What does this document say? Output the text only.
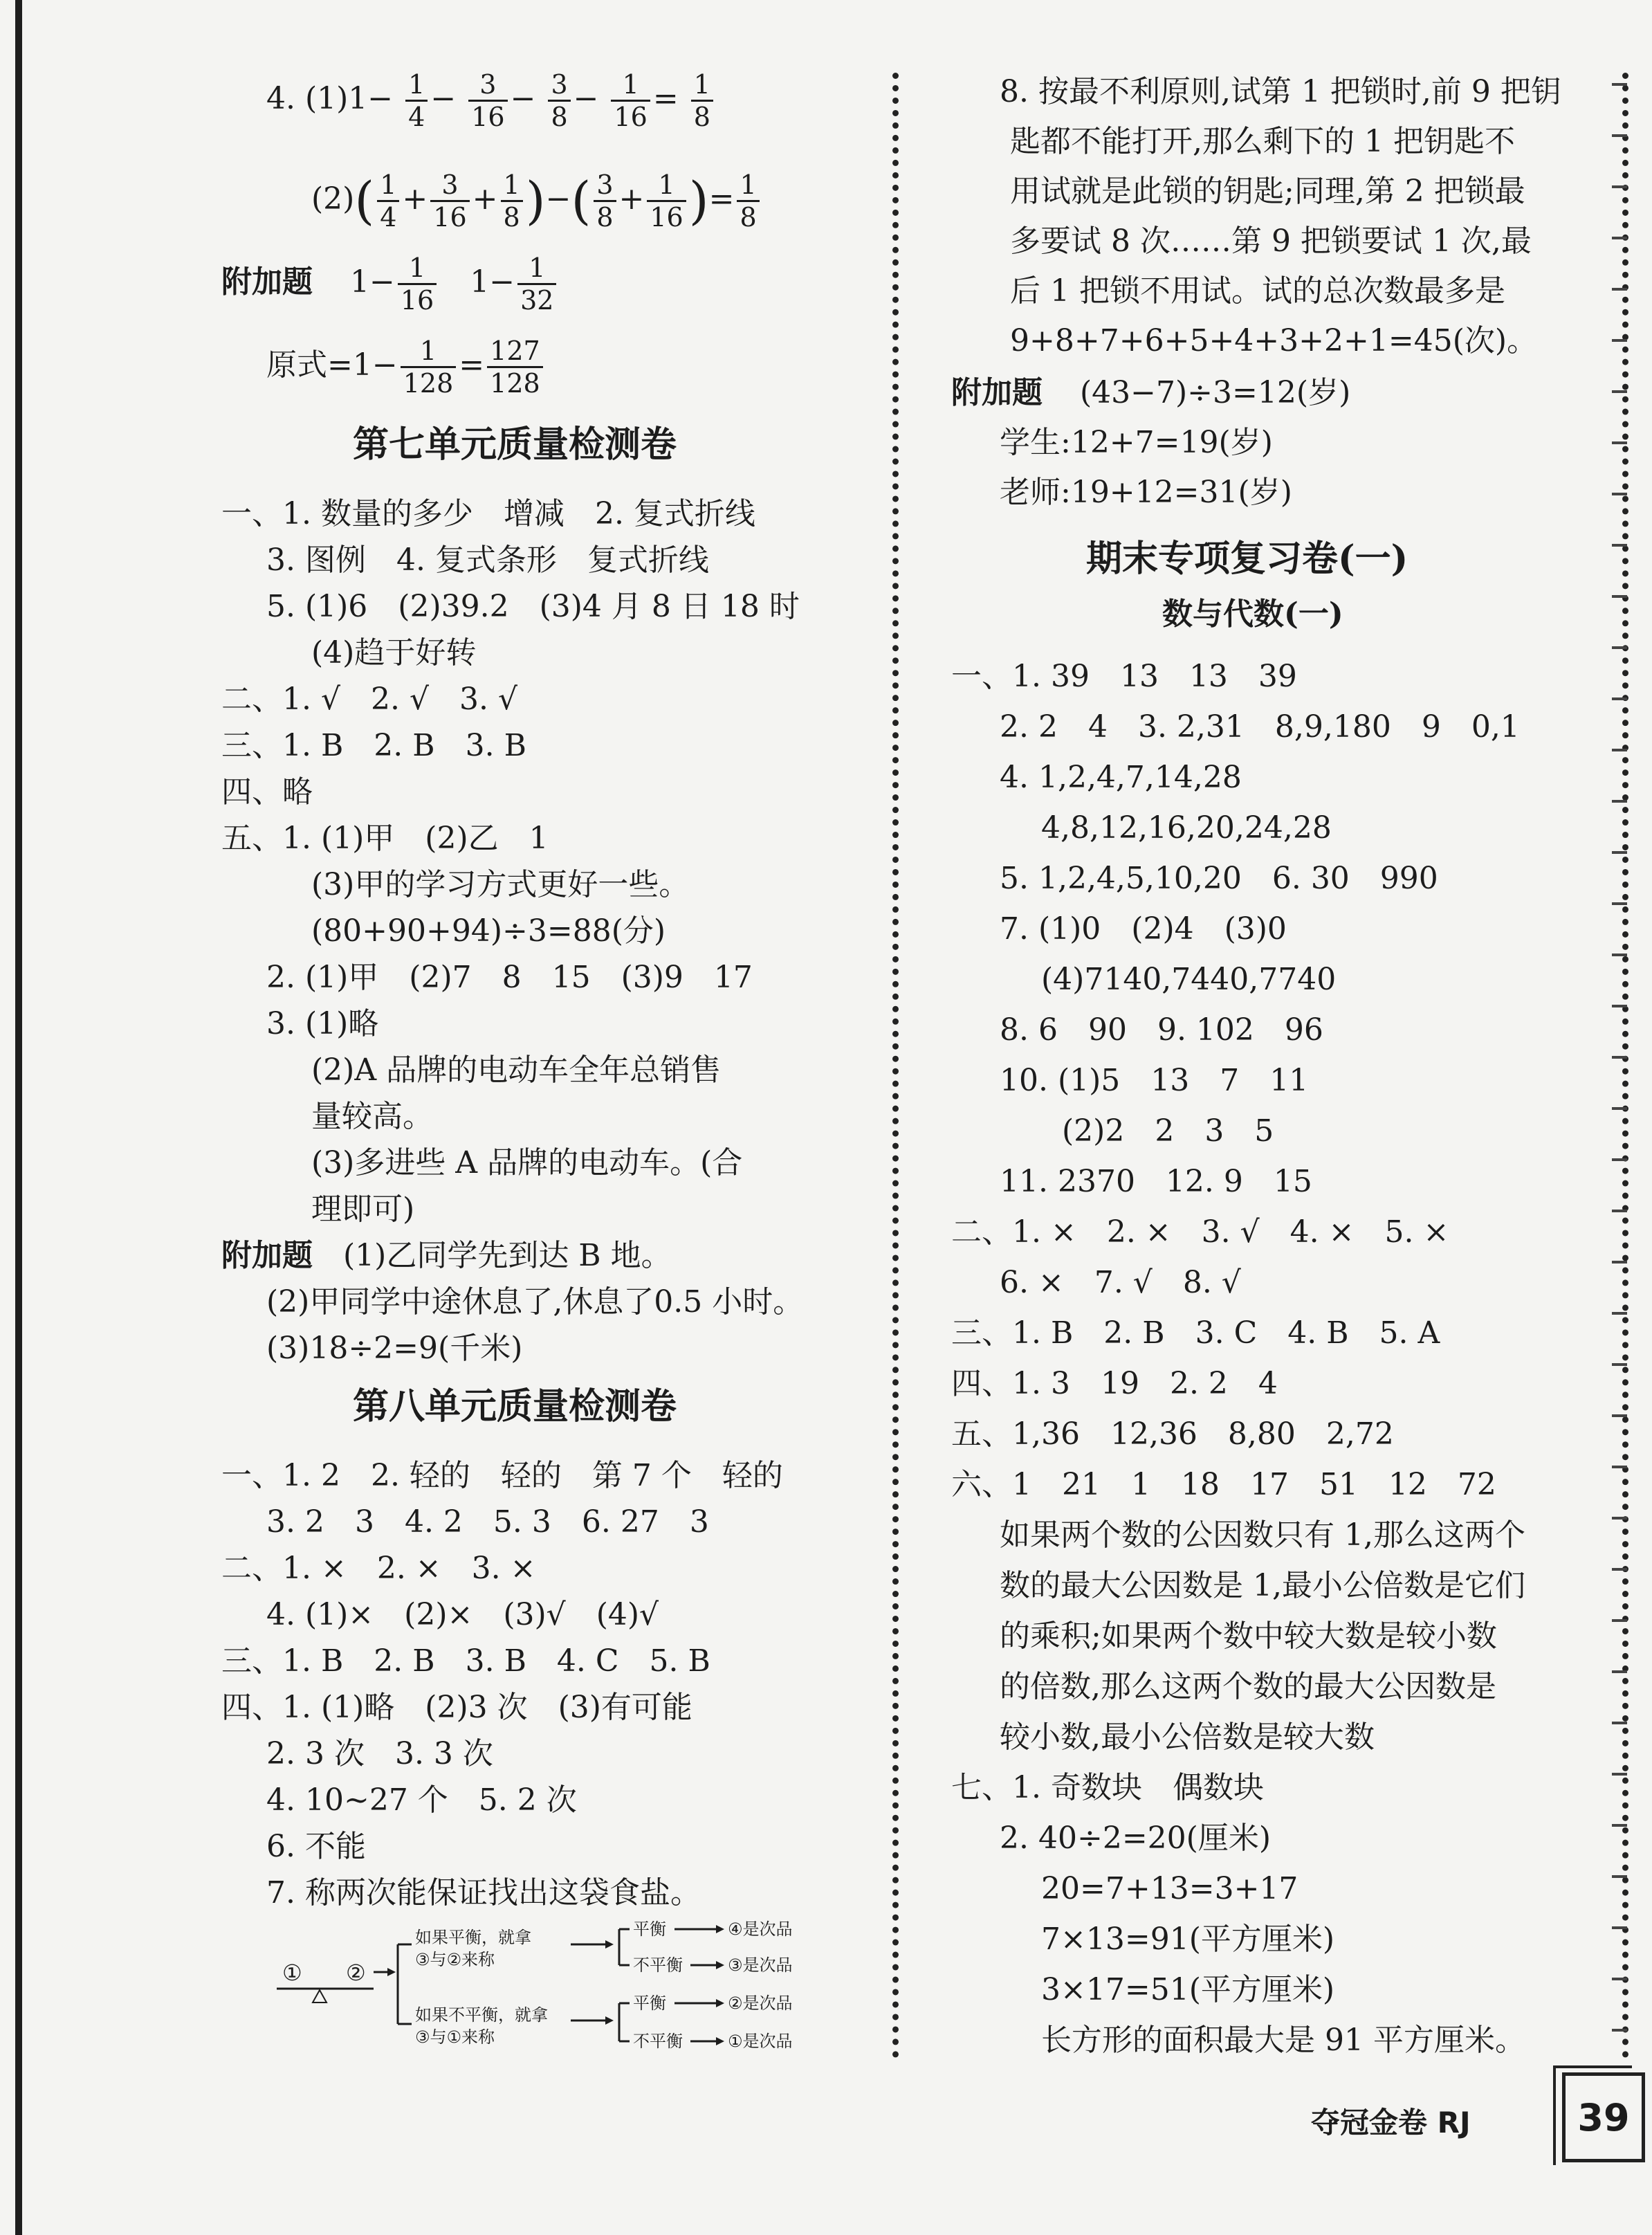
4. $(1)1- \frac{1}{4} - \frac{3}{16} - \frac{3}{8} - \frac{1}{16} = \frac{1}{8}$
$(2)( \frac{1}{4} + \frac{3}{16} + \frac{1}{8}$ )−( $\frac{3}{8} + \frac{1}{16}$ )= $\frac{1}{8}$
附加题 $1- \frac{1}{16} 1- \frac{1}{32}$
原式$=1- \frac{1}{128} = \frac{127}{128}$
第七单元质量检测卷
一、1. 数量的多少　增减　2. 复式折线
3. 图例　4. 复式条形　复式折线
5. (1)6　(2)39.2　(3)4 月 8 日 18 时
(4)趋于好转
二、1. √　2. √　3. √
三、1. B　2. B　3. B
四、略
五、1. (1)甲　(2)乙　1
(3)甲的学习方式更好一些。
(80+90+94)÷3=88(分)
2. (1)甲　(2)7　8　15　(3)9　17
3. (1)略
(2)A 品牌的电动车全年总销售
量较高。
(3)多进些 A 品牌的电动车。(合
理即可)
附加题 (1)乙同学先到达 B 地。
(2)甲同学中途休息了,休息了0.5 小时。
(3)18÷2=9(千米)
第八单元质量检测卷
一、1. 2　2. 轻的　轻的　第 7 个　轻的
3. 2　3　4. 2　5. 3　6. 27　3
二、1. ×　2. ×　3. ×
4. (1)×　(2)×　(3)√　(4)√
三、1. B　2. B　3. B　4. C　5. B
四、1. (1)略　(2)3 次　(3)有可能
2. 3 次　3. 3 次
4. 10~27 个　5. 2 次
6. 不能
7. 称两次能保证找出这袋食盐。
① ②
如果平衡，就拿
③与②来称
平衡	④是次品
不平衡	③是次品
如果不平衡，就拿
③与①来称
平衡	②是次品
不平衡	①是次品
8. 按最不利原则,试第 1 把锁时,前 9 把钥
匙都不能打开,那么剩下的 1 把钥匙不
用试就是此锁的钥匙;同理,第 2 把锁最
多要试 8 次……第 9 把锁要试 1 次,最
后 1 把锁不用试。试的总次数最多是
9+8+7+6+5+4+3+2+1=45(次)。
附加题 (43−7)÷3=12(岁)
学生:12+7=19(岁)
老师:19+12=31(岁)
期末专项复习卷(一)
数与代数(一)
一、1. 39　13　13　39
2. 2　4　3. 2,31　8,9,180　9　0,1
4. 1,2,4,7,14,28
4,8,12,16,20,24,28
5. 1,2,4,5,10,20　6. 30　990
7. (1)0　(2)4　(3)0
(4)7140,7440,7740
8. 6　90　9. 102　96
10. (1)5　13　7　11
(2)2　2　3　5
11. 2370　12. 9　15
二、1. ×　2. ×　3. √　4. ×　5. ×
6. ×　7. √　8. √
三、1. B　2. B　3. C　4. B　5. A
四、1. 3　19　2. 2　4
五、1,36　12,36　8,80　2,72
六、1　21　1　18　17　51　12　72
如果两个数的公因数只有 1,那么这两个
数的最大公因数是 1,最小公倍数是它们
的乘积;如果两个数中较大数是较小数
的倍数,那么这两个数的最大公因数是
较小数,最小公倍数是较大数
七、1. 奇数块　偶数块
2. 40÷2=20(厘米)
20=7+13=3+17
7×13=91(平方厘米)
3×17=51(平方厘米)
长方形的面积最大是 91 平方厘米。
夺冠金卷 RJ	39
